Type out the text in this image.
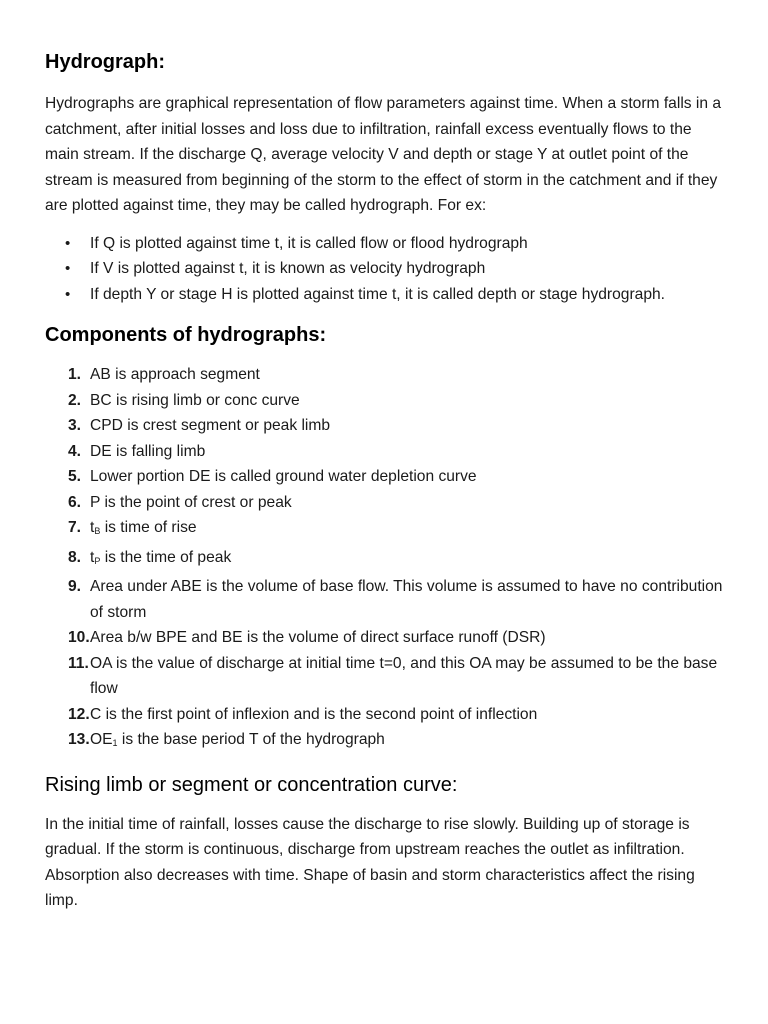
Hydrograph:

Hydrographs are graphical representation of flow parameters against time. When a storm falls in a catchment, after initial losses and loss due to infiltration, rainfall excess eventually flows to the main stream. If the discharge Q, average velocity V and depth or stage Y at outlet point of the stream is measured from beginning of the storm to the effect of storm in the catchment and if they are plotted against time, they may be called hydrograph. For ex:

• If Q is plotted against time t, it is called flow or flood hydrograph
• If V is plotted against t, it is known as velocity hydrograph
• If depth Y or stage H is plotted against time t, it is called depth or stage hydrograph.
Components of hydrographs:
1. AB is approach segment
2. BC is rising limb or conc curve
3. CPD is crest segment or peak limb
4. DE is falling limb
5. Lower portion DE is called ground water depletion curve
6. P is the point of crest or peak
7. $t_B$ is time of rise
8. $t_P$ is the time of peak
9. Area under ABE is the volume of base flow. This volume is assumed to have no contribution of storm
10. Area b/w BPE and BE is the volume of direct surface runoff (DSR)
11. OA is the value of discharge at initial time t=0, and this OA may be assumed to be the base flow
12. C is the first point of inflexion and is the second point of inflection
13. $OE_1$ is the base period T of the hydrograph
Rising limb or segment or concentration curve:

In the initial time of rainfall, losses cause the discharge to rise slowly. Building up of storage is gradual. If the storm is continuous, discharge from upstream reaches the outlet as infiltration. Absorption also decreases with time. Shape of basin and storm characteristics affect the rising limp.
